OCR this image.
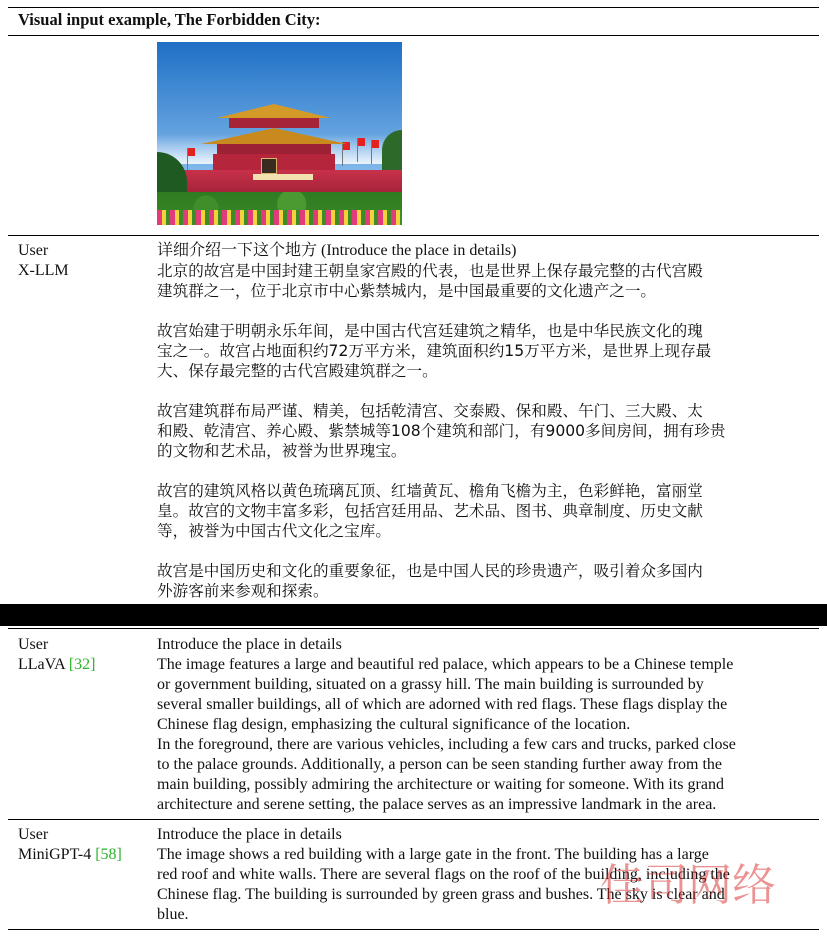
Visual input example, The Forbidden City:
User
X-LLM
详细介绍一下这个地方 (Introduce the place in details)

北京的故宫是中国封建王朝皇家宫殿的代表，也是世界上保存最完整的古代宫殿

建筑群之一，位于北京市中心紫禁城内，是中国最重要的文化遗产之一。

故宫始建于明朝永乐年间，是中国古代宫廷建筑之精华，也是中华民族文化的瑰

宝之一。故宫占地面积约72万平方米，建筑面积约15万平方米，是世界上现存最

大、保存最完整的古代宫殿建筑群之一。

故宫建筑群布局严谨、精美，包括乾清宫、交泰殿、保和殿、午门、三大殿、太

和殿、乾清宫、养心殿、紫禁城等108个建筑和部门，有9000多间房间，拥有珍贵

的文物和艺术品，被誉为世界瑰宝。

故宫的建筑风格以黄色琉璃瓦顶、红墙黄瓦、檐角飞檐为主，色彩鲜艳，富丽堂

皇。故宫的文物丰富多彩，包括宫廷用品、艺术品、图书、典章制度、历史文献

等，被誉为中国古代文化之宝库。

故宫是中国历史和文化的重要象征，也是中国人民的珍贵遗产，吸引着众多国内

外游客前来参观和探索。

User
LLaVA [32]
Introduce the place in details

The image features a large and beautiful red palace, which appears to be a Chinese temple

or government building, situated on a grassy hill. The main building is surrounded by

several smaller buildings, all of which are adorned with red flags. These flags display the

Chinese flag design, emphasizing the cultural significance of the location.

In the foreground, there are various vehicles, including a few cars and trucks, parked close

to the palace grounds. Additionally, a person can be seen standing further away from the

main building, possibly admiring the architecture or waiting for someone. With its grand

architecture and serene setting, the palace serves as an impressive landmark in the area.

User
MiniGPT-4 [58]
Introduce the place in details

The image shows a red building with a large gate in the front. The building has a large

red roof and white walls. There are several flags on the roof of the building, including the

Chinese flag. The building is surrounded by green grass and bushes. The sky is clear and

blue.

佳司网络
